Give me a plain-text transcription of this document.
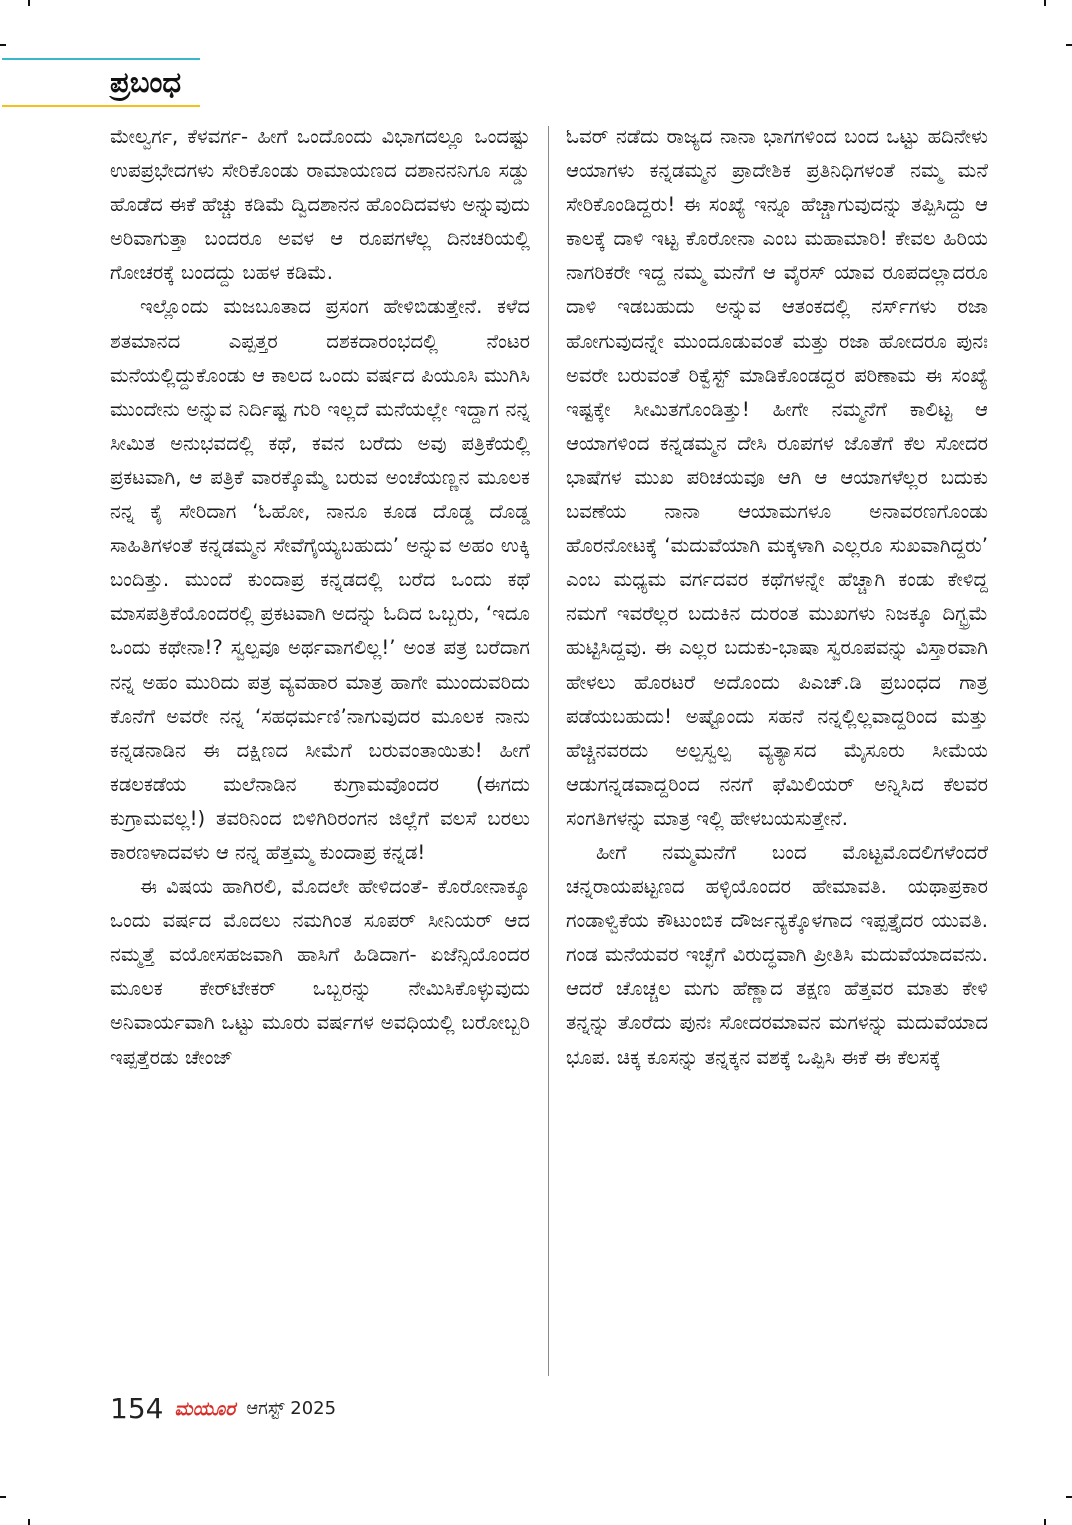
ಪ್ರಬಂಧ

ಮೇಲ್ವರ್ಗ, ಕೆಳವರ್ಗ- ಹೀಗೆ ಒಂದೊಂದು ವಿಭಾಗದಲ್ಲೂ ಒಂದಷ್ಟು ಉಪಪ್ರಭೇದಗಳು ಸೇರಿಕೊಂಡು ರಾಮಾಯಣದ ದಶಾನನನಿಗೂ ಸಡ್ಡು ಹೊಡೆದ ಈಕೆ ಹೆಚ್ಚು ಕಡಿಮೆ ದ್ವಿದಶಾನನ ಹೊಂದಿದವಳು ಅನ್ನುವುದು ಅರಿವಾಗುತ್ತಾ ಬಂದರೂ ಅವಳ ಆ ರೂಪಗಳೆಲ್ಲ ದಿನಚರಿಯಲ್ಲಿ ಗೋಚರಕ್ಕೆ ಬಂದದ್ದು ಬಹಳ ಕಡಿಮೆ.

ಇಲ್ಲೊಂದು ಮಜಬೂತಾದ ಪ್ರಸಂಗ ಹೇಳಿಬಿಡುತ್ತೇನೆ. ಕಳೆದ ಶತಮಾನದ ಎಪ್ಪತ್ತರ ದಶಕದಾರಂಭದಲ್ಲಿ ನೆಂಟರ ಮನೆಯಲ್ಲಿದ್ದುಕೊಂಡು ಆ ಕಾಲದ ಒಂದು ವರ್ಷದ ಪಿಯೂಸಿ ಮುಗಿಸಿ ಮುಂದೇನು ಅನ್ನುವ ನಿರ್ದಿಷ್ಟ ಗುರಿ ಇಲ್ಲದೆ ಮನೆಯಲ್ಲೇ ಇದ್ದಾಗ ನನ್ನ ಸೀಮಿತ ಅನುಭವದಲ್ಲಿ ಕಥೆ, ಕವನ ಬರೆದು ಅವು ಪತ್ರಿಕೆಯಲ್ಲಿ ಪ್ರಕಟವಾಗಿ, ಆ ಪತ್ರಿಕೆ ವಾರಕ್ಕೊಮ್ಮೆ ಬರುವ ಅಂಚೆಯಣ್ಣನ ಮೂಲಕ ನನ್ನ ಕೈ ಸೇರಿದಾಗ ‘ಓಹೋ, ನಾನೂ ಕೂಡ ದೊಡ್ಡ ದೊಡ್ಡ ಸಾಹಿತಿಗಳಂತೆ ಕನ್ನಡಮ್ಮನ ಸೇವೆಗೈಯ್ಯಬಹುದು’ ಅನ್ನುವ ಅಹಂ ಉಕ್ಕಿ ಬಂದಿತ್ತು. ಮುಂದೆ ಕುಂದಾಪ್ರ ಕನ್ನಡದಲ್ಲಿ ಬರೆದ ಒಂದು ಕಥೆ ಮಾಸಪತ್ರಿಕೆಯೊಂದರಲ್ಲಿ ಪ್ರಕಟವಾಗಿ ಅದನ್ನು ಓದಿದ ಒಬ್ಬರು, ‘ಇದೂ ಒಂದು ಕಥೇನಾ!? ಸ್ವಲ್ಪವೂ ಅರ್ಥವಾಗಲಿಲ್ಲ!’ ಅಂತ ಪತ್ರ ಬರೆದಾಗ ನನ್ನ ಅಹಂ ಮುರಿದು ಪತ್ರ ವ್ಯವಹಾರ ಮಾತ್ರ ಹಾಗೇ ಮುಂದುವರಿದು ಕೊನೆಗೆ ಅವರೇ ನನ್ನ ‘ಸಹಧರ್ಮಣಿ’ನಾಗುವುದರ ಮೂಲಕ ನಾನು ಕನ್ನಡನಾಡಿನ ಈ ದಕ್ಷಿಣದ ಸೀಮೆಗೆ ಬರುವಂತಾಯಿತು! ಹೀಗೆ ಕಡಲಕಡೆಯ ಮಲೆನಾಡಿನ ಕುಗ್ರಾಮವೊಂದರ (ಈಗದು ಕುಗ್ರಾಮವಲ್ಲ!) ತವರಿನಿಂದ ಬಿಳಿಗಿರಿರಂಗನ ಜಿಲ್ಲೆಗೆ ವಲಸೆ ಬರಲು ಕಾರಣಳಾದವಳು ಆ ನನ್ನ ಹೆತ್ತಮ್ಮ ಕುಂದಾಪ್ರ ಕನ್ನಡ!

ಈ ವಿಷಯ ಹಾಗಿರಲಿ, ಮೊದಲೇ ಹೇಳಿದಂತೆ- ಕೊರೋನಾಕ್ಕೂ ಒಂದು ವರ್ಷದ ಮೊದಲು ನಮಗಿಂತ ಸೂಪರ್ ಸೀನಿಯರ್ ಆದ ನಮ್ಮತ್ತೆ ವಯೋಸಹಜವಾಗಿ ಹಾಸಿಗೆ ಹಿಡಿದಾಗ- ಏಜೆನ್ಸಿಯೊಂದರ ಮೂಲಕ ಕೇರ್‌ಟೇಕರ್ ಒಬ್ಬರನ್ನು ನೇಮಿಸಿಕೊಳ್ಳುವುದು ಅನಿವಾರ್ಯವಾಗಿ ಒಟ್ಟು ಮೂರು ವರ್ಷಗಳ ಅವಧಿಯಲ್ಲಿ ಬರೋಬ್ಬರಿ ಇಪ್ಪತ್ತೆರಡು ಚೇಂಜ್

ಓವರ್ ನಡೆದು ರಾಜ್ಯದ ನಾನಾ ಭಾಗಗಳಿಂದ ಬಂದ ಒಟ್ಟು ಹದಿನೇಳು ಆಯಾಗಳು ಕನ್ನಡಮ್ಮನ ಪ್ರಾದೇಶಿಕ ಪ್ರತಿನಿಧಿಗಳಂತೆ ನಮ್ಮ ಮನೆ ಸೇರಿಕೊಂಡಿದ್ದರು! ಈ ಸಂಖ್ಯೆ ಇನ್ನೂ ಹೆಚ್ಚಾಗುವುದನ್ನು ತಪ್ಪಿಸಿದ್ದು ಆ ಕಾಲಕ್ಕೆ ದಾಳಿ ಇಟ್ಟ ಕೊರೋನಾ ಎಂಬ ಮಹಾಮಾರಿ! ಕೇವಲ ಹಿರಿಯ ನಾಗರಿಕರೇ ಇದ್ದ ನಮ್ಮ ಮನೆಗೆ ಆ ವೈರಸ್ ಯಾವ ರೂಪದಲ್ಲಾದರೂ ದಾಳಿ ಇಡಬಹುದು ಅನ್ನುವ ಆತಂಕದಲ್ಲಿ ನರ್ಸ್‌ಗಳು ರಜಾ ಹೋಗುವುದನ್ನೇ ಮುಂದೂಡುವಂತೆ ಮತ್ತು ರಜಾ ಹೋದರೂ ಪುನಃ ಅವರೇ ಬರುವಂತೆ ರಿಕ್ವೆಸ್ಟ್ ಮಾಡಿಕೊಂಡದ್ದರ ಪರಿಣಾಮ ಈ ಸಂಖ್ಯೆ ಇಷ್ಟಕ್ಕೇ ಸೀಮಿತಗೊಂಡಿತ್ತು! ಹೀಗೇ ನಮ್ಮನೆಗೆ ಕಾಲಿಟ್ಟ ಆ ಆಯಾಗಳಿಂದ ಕನ್ನಡಮ್ಮನ ದೇಸಿ ರೂಪಗಳ ಜೊತೆಗೆ ಕೆಲ ಸೋದರ ಭಾಷೆಗಳ ಮುಖ ಪರಿಚಯವೂ ಆಗಿ ಆ ಆಯಾಗಳೆಲ್ಲರ ಬದುಕು ಬವಣೆಯ ನಾನಾ ಆಯಾಮಗಳೂ ಅನಾವರಣಗೊಂಡು ಹೊರನೋಟಕ್ಕೆ ‘ಮದುವೆಯಾಗಿ ಮಕ್ಕಳಾಗಿ ಎಲ್ಲರೂ ಸುಖವಾಗಿದ್ದರು’ ಎಂಬ ಮಧ್ಯಮ ವರ್ಗದವರ ಕಥೆಗಳನ್ನೇ ಹೆಚ್ಚಾಗಿ ಕಂಡು ಕೇಳಿದ್ದ ನಮಗೆ ಇವರೆಲ್ಲರ ಬದುಕಿನ ದುರಂತ ಮುಖಗಳು ನಿಜಕ್ಕೂ ದಿಗ್ಭ್ರಮೆ ಹುಟ್ಟಿಸಿದ್ದವು. ಈ ಎಲ್ಲರ ಬದುಕು-ಭಾಷಾ ಸ್ವರೂಪವನ್ನು ವಿಸ್ತಾರವಾಗಿ ಹೇಳಲು ಹೊರಟರೆ ಅದೊಂದು ಪಿಎಚ್.ಡಿ ಪ್ರಬಂಧದ ಗಾತ್ರ ಪಡೆಯಬಹುದು! ಅಷ್ಟೊಂದು ಸಹನೆ ನನ್ನಲ್ಲಿಲ್ಲವಾದ್ದರಿಂದ ಮತ್ತು ಹೆಚ್ಚಿನವರದು ಅಲ್ಪಸ್ವಲ್ಪ ವ್ಯತ್ಯಾಸದ ಮೈಸೂರು ಸೀಮೆಯ ಆಡುಗನ್ನಡವಾದ್ದರಿಂದ ನನಗೆ ಫೆಮಿಲಿಯರ್ ಅನ್ನಿಸಿದ ಕೆಲವರ ಸಂಗತಿಗಳನ್ನು ಮಾತ್ರ ಇಲ್ಲಿ ಹೇಳಬಯಸುತ್ತೇನೆ.

ಹೀಗೆ ನಮ್ಮಮನೆಗೆ ಬಂದ ಮೊಟ್ಟಮೊದಲಿಗಳೆಂದರೆ ಚನ್ನರಾಯಪಟ್ಟಣದ ಹಳ್ಳಿಯೊಂದರ ಹೇಮಾವತಿ. ಯಥಾಪ್ರಕಾರ ಗಂಡಾಳ್ವಿಕೆಯ ಕೌಟುಂಬಿಕ ದೌರ್ಜನ್ಯಕ್ಕೊಳಗಾದ ಇಪ್ಪತ್ತೈದರ ಯುವತಿ. ಗಂಡ ಮನೆಯವರ ಇಚ್ಛೆಗೆ ವಿರುದ್ಧವಾಗಿ ಪ್ರೀತಿಸಿ ಮದುವೆಯಾದವನು. ಆದರೆ ಚೊಚ್ಚಲ ಮಗು ಹೆಣ್ಣಾದ ತಕ್ಷಣ ಹೆತ್ತವರ ಮಾತು ಕೇಳಿ ತನ್ನನ್ನು ತೊರೆದು ಪುನಃ ಸೋದರಮಾವನ ಮಗಳನ್ನು ಮದುವೆಯಾದ ಭೂಪ. ಚಿಕ್ಕ ಕೂಸನ್ನು ತನ್ನಕ್ಕನ ವಶಕ್ಕೆ ಒಪ್ಪಿಸಿ ಈಕೆ ಈ ಕೆಲಸಕ್ಕೆ

154 ಮಯೂರ ಆಗಸ್ಟ್ 2025
